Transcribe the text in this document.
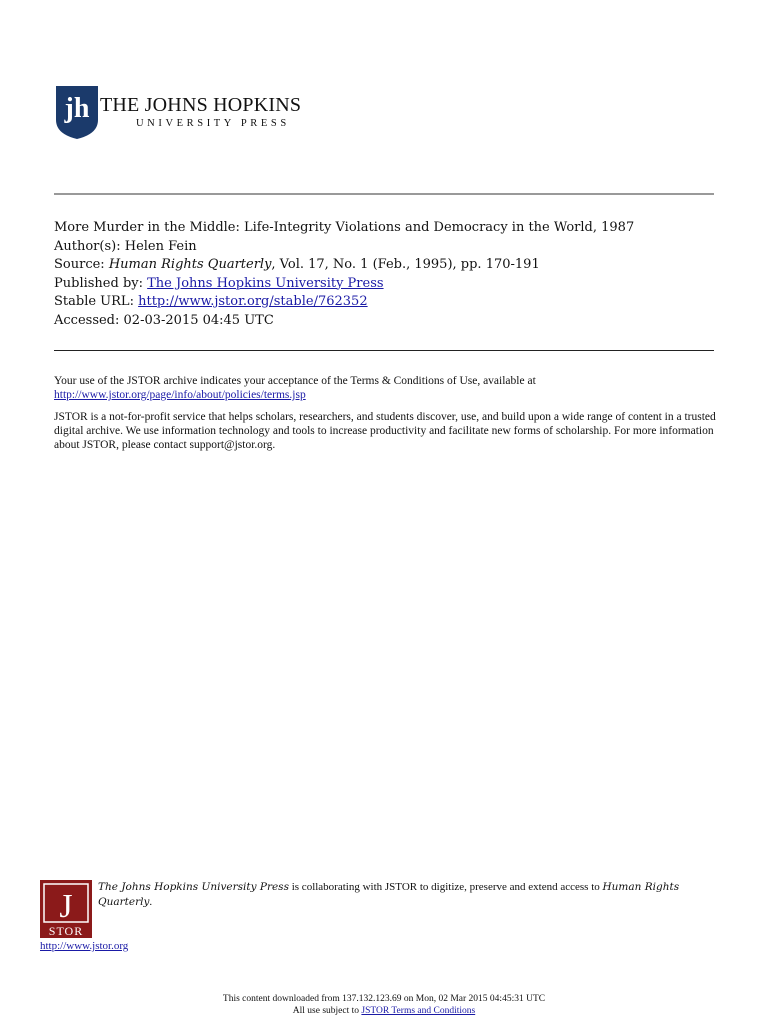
jh THE JOHNS HOPKINS
UNIVERSITY PRESS
More Murder in the Middle: Life-Integrity Violations and Democracy in the World, 1987
Author(s): Helen Fein
Source: Human Rights Quarterly, Vol. 17, No. 1 (Feb., 1995), pp. 170-191
Published by: The Johns Hopkins University Press
Stable URL: http://www.jstor.org/stable/762352
Accessed: 02-03-2015 04:45 UTC

Your use of the JSTOR archive indicates your acceptance of the Terms & Conditions of Use, available at
http://www.jstor.org/page/info/about/policies/terms.jsp

JSTOR is a not-for-profit service that helps scholars, researchers, and students discover, use, and build upon a wide range of content in a trusted digital archive. We use information technology and tools to increase productivity and facilitate new forms of scholarship. For more information about JSTOR, please contact support@jstor.org.

J
STOR
The Johns Hopkins University Press is collaborating with JSTOR to digitize, preserve and extend access to Human Rights Quarterly.
http://www.jstor.org
This content downloaded from 137.132.123.69 on Mon, 02 Mar 2015 04:45:31 UTC
All use subject to JSTOR Terms and Conditions
